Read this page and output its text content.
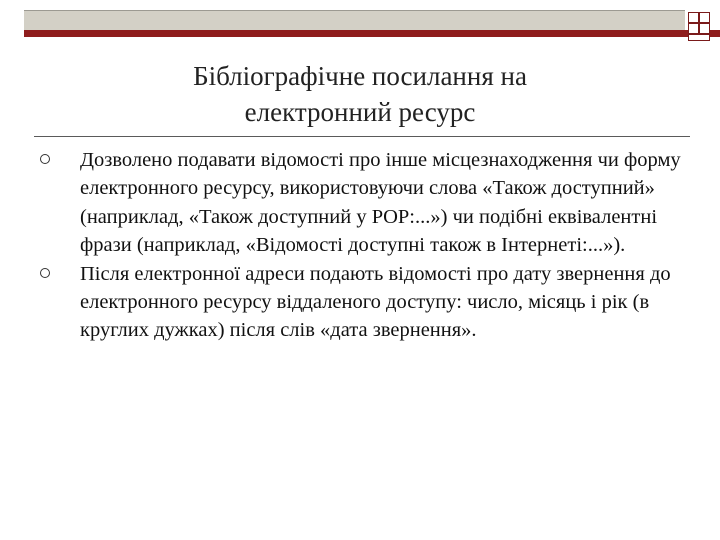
Бібліографічне посилання на
електронний ресурс
Дозволено подавати відомості про інше місцезнаходження чи форму електронного ресурсу, використовуючи слова «Також доступний» (наприклад, «Також доступний у POP:...») чи подібні еквівалентні фрази (наприклад, «Відомості доступні також в Інтернеті:...»).
Після електронної адреси подають відомості про дату звернення до електронного ресурсу віддаленого доступу: число, місяць і рік (в круглих дужках) після слів «дата звернення».
